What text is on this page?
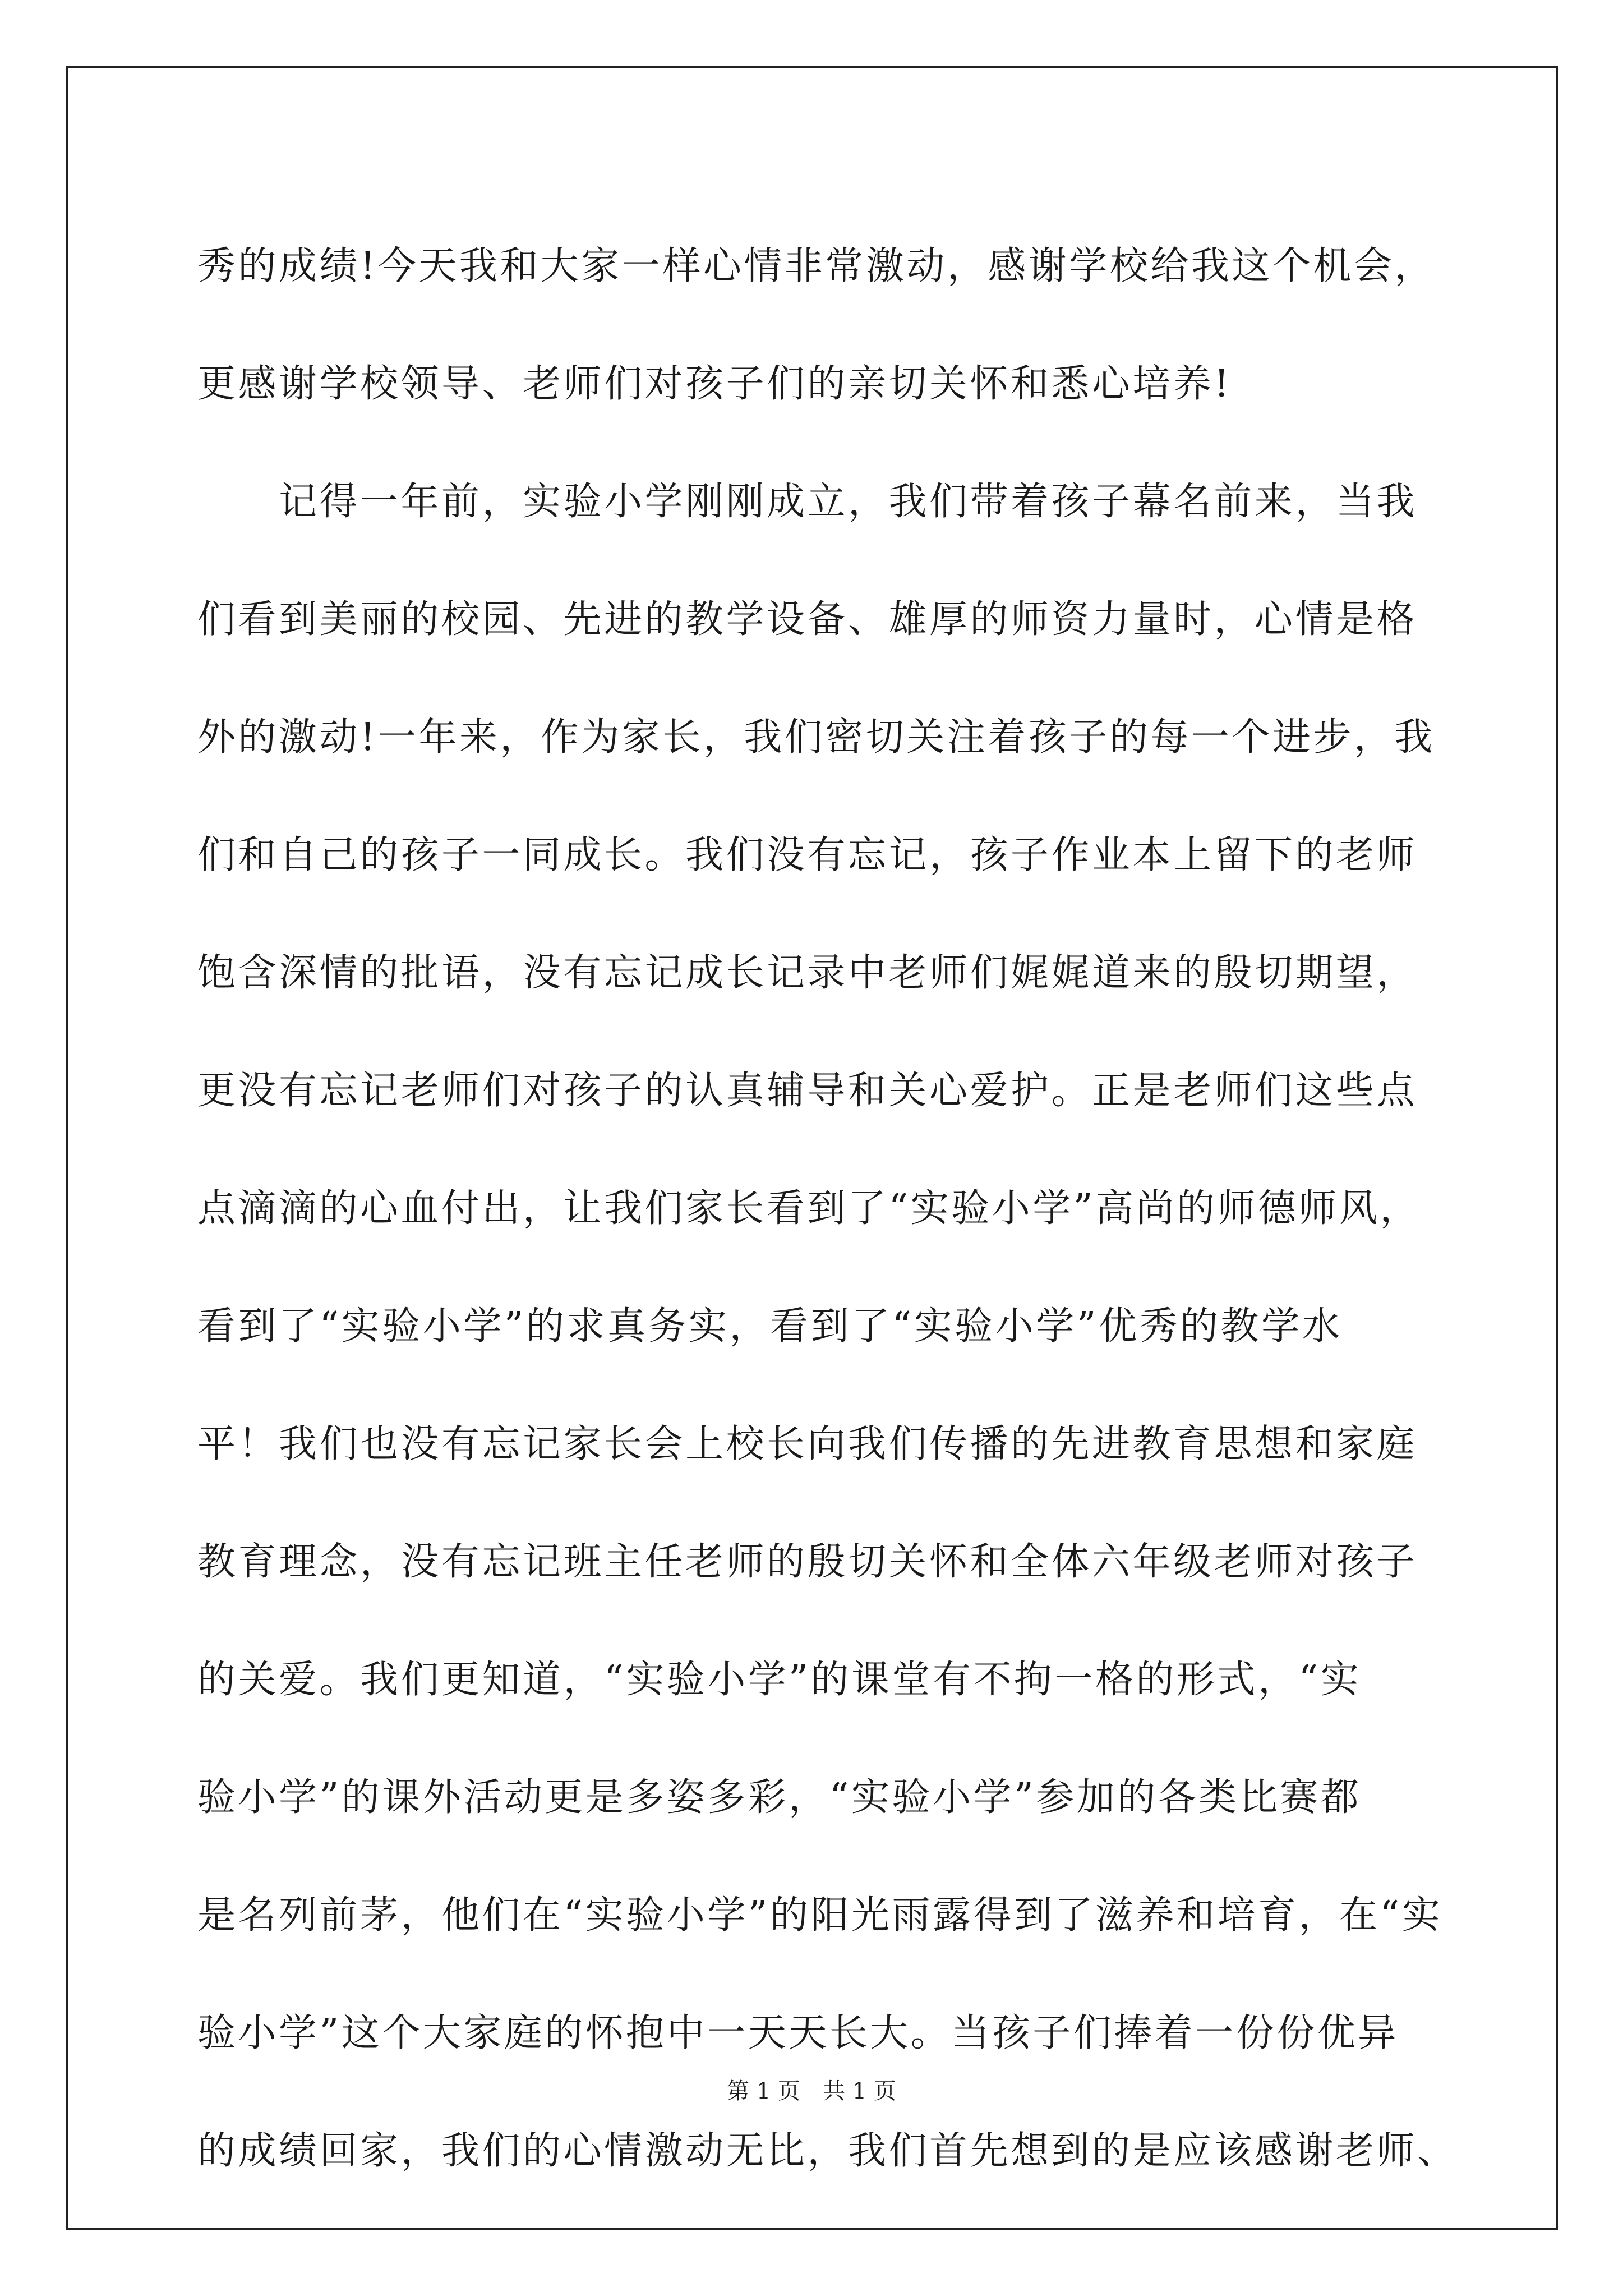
秀的成绩!今天我和大家一样心情非常激动，感谢学校给我这个机会，
更感谢学校领导、老师们对孩子们的亲切关怀和悉心培养!
　　记得一年前，实验小学刚刚成立，我们带着孩子幕名前来，当我
们看到美丽的校园、先进的教学设备、雄厚的师资力量时，心情是格
外的激动!一年来，作为家长，我们密切关注着孩子的每一个进步，我
们和自己的孩子一同成长。我们没有忘记，孩子作业本上留下的老师
饱含深情的批语，没有忘记成长记录中老师们娓娓道来的殷切期望，
更没有忘记老师们对孩子的认真辅导和关心爱护。正是老师们这些点
点滴滴的心血付出，让我们家长看到了“实验小学”高尚的师德师风，
看到了“实验小学”的求真务实，看到了“实验小学”优秀的教学水
平！我们也没有忘记家长会上校长向我们传播的先进教育思想和家庭
教育理念，没有忘记班主任老师的殷切关怀和全体六年级老师对孩子
的关爱。我们更知道，“实验小学”的课堂有不拘一格的形式，“实
验小学”的课外活动更是多姿多彩，“实验小学”参加的各类比赛都
是名列前茅，他们在“实验小学”的阳光雨露得到了滋养和培育，在“实
验小学”这个大家庭的怀抱中一天天长大。当孩子们捧着一份份优异
的成绩回家，我们的心情激动无比，我们首先想到的是应该感谢老师、
第 1 页　共 1 页
